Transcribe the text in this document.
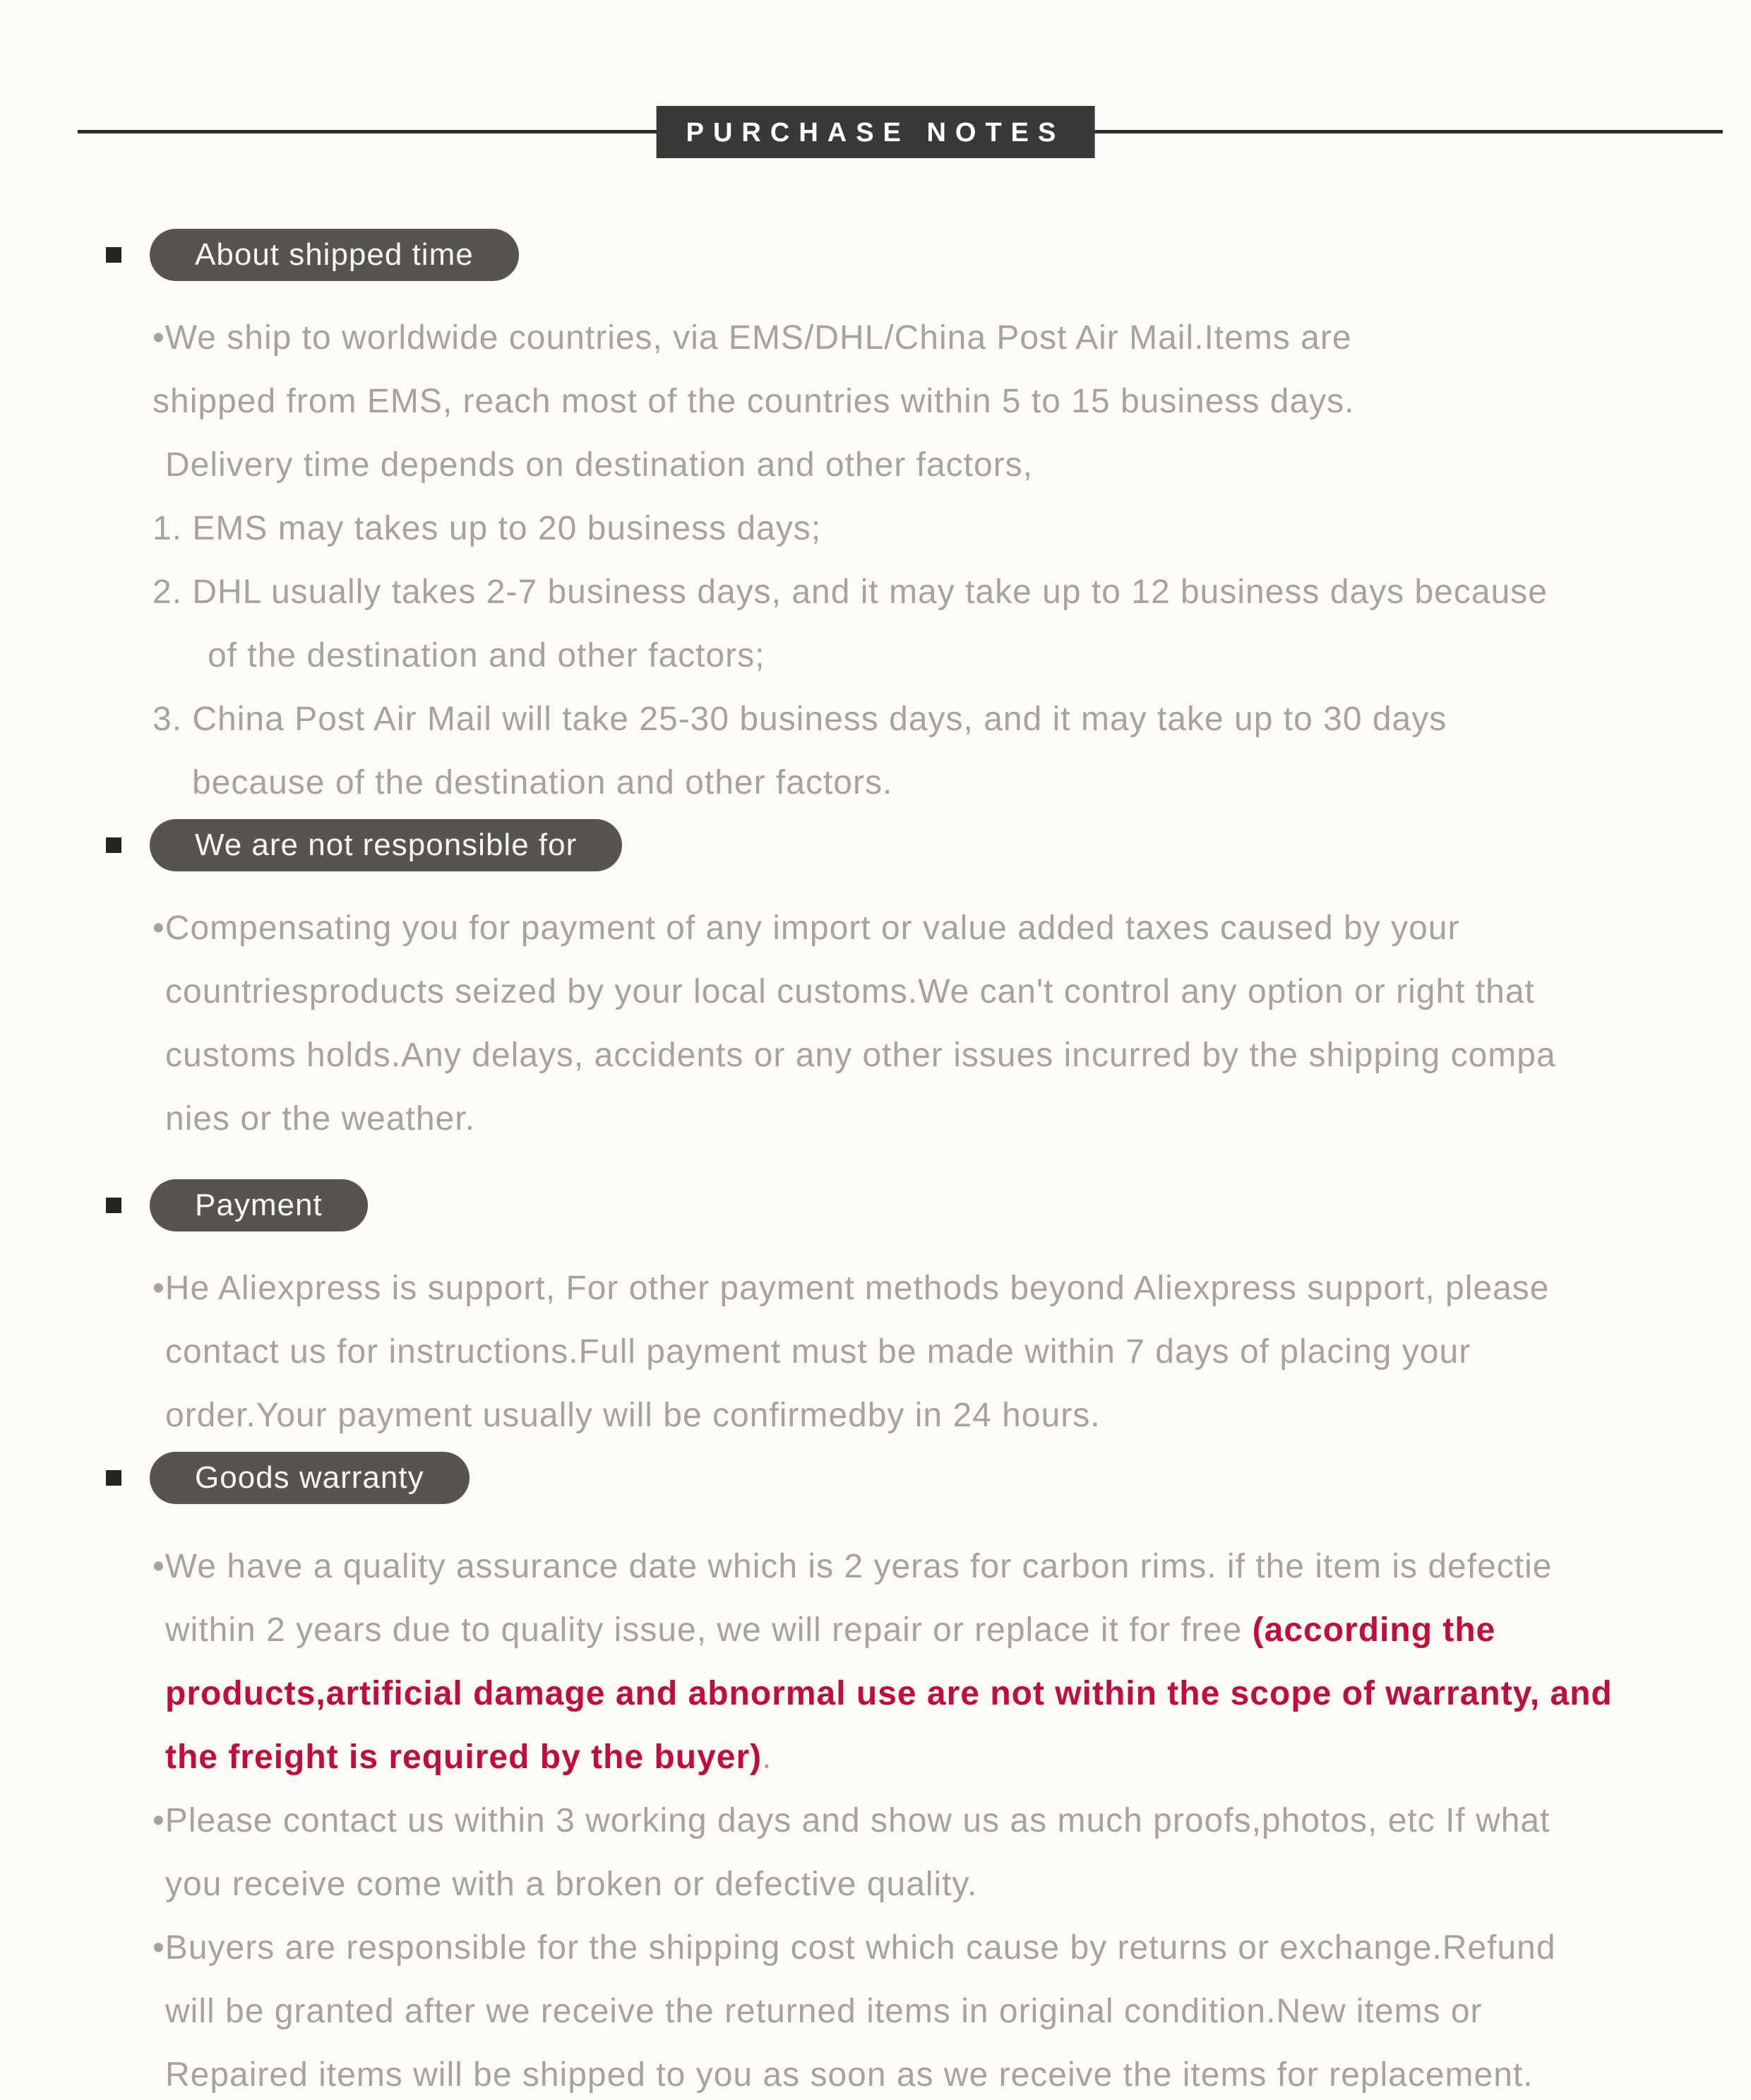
PURCHASE NOTES
About shipped time
•We ship to worldwide countries, via EMS/DHL/China Post Air Mail.Items are
shipped from EMS, reach most of the countries within 5 to 15 business days.
Delivery time depends on destination and other factors,
1. EMS may takes up to 20 business days;
2. DHL usually takes 2-7 business days, and it may take up to 12 business days because
of the destination and other factors;
3. China Post Air Mail will take 25-30 business days, and it may take up to 30 days
because of the destination and other factors.
We are not responsible for
•Compensating you for payment of any import or value added taxes caused by your
countriesproducts seized by your local customs.We can't control any option or right that
customs holds.Any delays, accidents or any other issues incurred by the shipping compa
nies or the weather.
Payment
•He Aliexpress is support, For other payment methods beyond Aliexpress support, please
contact us for instructions.Full payment must be made within 7 days of placing your
order.Your payment usually will be confirmedby in 24 hours.
Goods warranty
•We have a quality assurance date which is 2 yeras for carbon rims. if the item is defectie
within 2 years due to quality issue, we will repair or replace it for free (according the
products,artificial damage and abnormal use are not within the scope of warranty, and
the freight is required by the buyer).
•Please contact us within 3 working days and show us as much proofs,photos, etc If what
you receive come with a broken or defective quality.
•Buyers are responsible for the shipping cost which cause by returns or exchange.Refund
will be granted after we receive the returned items in original condition.New items or
Repaired items will be shipped to you as soon as we receive the items for replacement.
